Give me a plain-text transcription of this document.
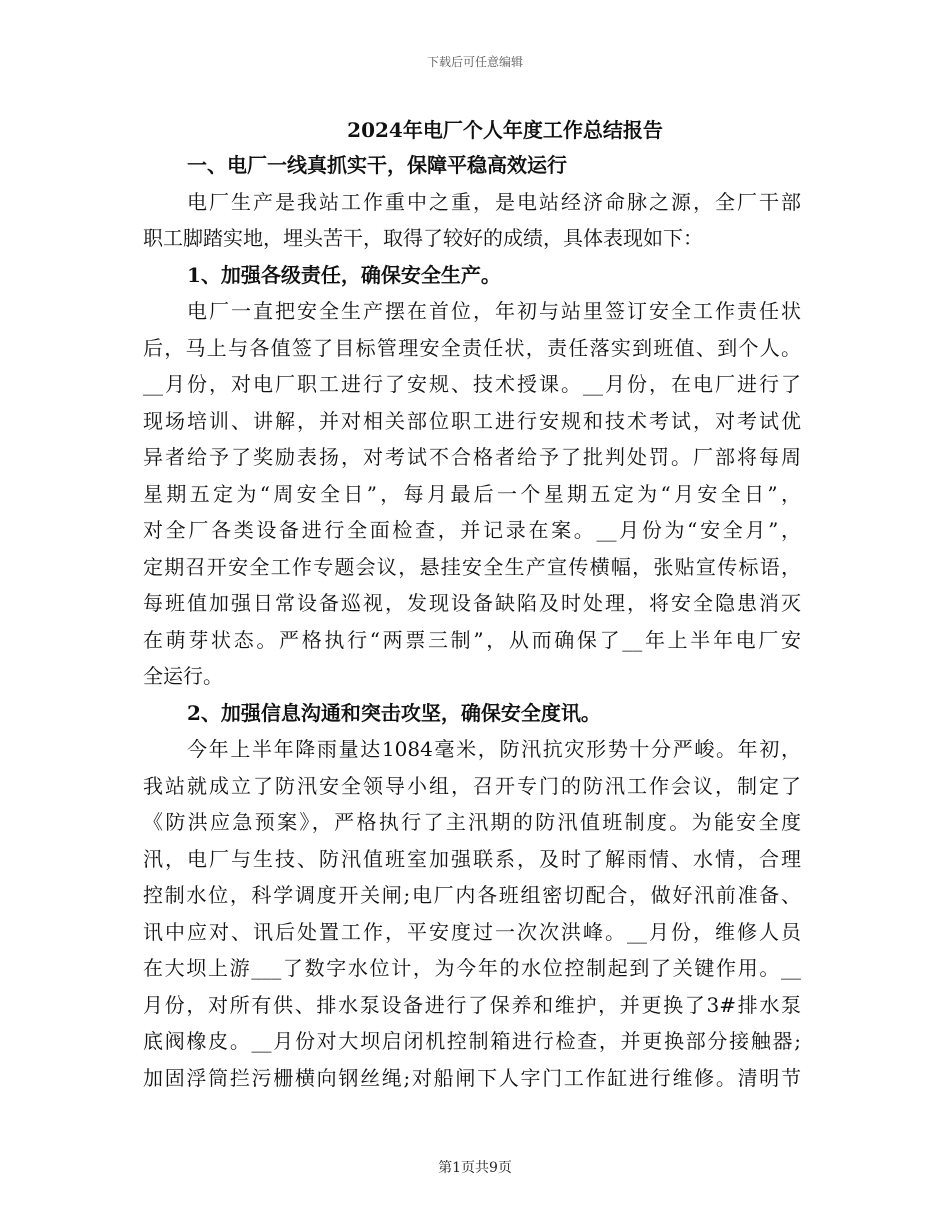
下载后可任意编辑
2024年电厂个人年度工作总结报告
一、电厂一线真抓实干，保障平稳高效运行
电厂生产是我站工作重中之重，是电站经济命脉之源，全厂干部
职工脚踏实地，埋头苦干，取得了较好的成绩，具体表现如下：
1、加强各级责任，确保安全生产。
电厂一直把安全生产摆在首位，年初与站里签订安全工作责任状
后，马上与各值签了目标管理安全责任状，责任落实到班值、到个人。
__月份，对电厂职工进行了安规、技术授课。__月份，在电厂进行了
现场培训、讲解，并对相关部位职工进行安规和技术考试，对考试优
异者给予了奖励表扬，对考试不合格者给予了批判处罚。厂部将每周
星期五定为“周安全日”，每月最后一个星期五定为“月安全日”，
对全厂各类设备进行全面检查，并记录在案。__月份为“安全月”，
定期召开安全工作专题会议，悬挂安全生产宣传横幅，张贴宣传标语，
每班值加强日常设备巡视，发现设备缺陷及时处理，将安全隐患消灭
在萌芽状态。严格执行“两票三制”，从而确保了__年上半年电厂安
全运行。
2、加强信息沟通和突击攻坚，确保安全度讯。
今年上半年降雨量达1084毫米，防汛抗灾形势十分严峻。年初，
我站就成立了防汛安全领导小组，召开专门的防汛工作会议，制定了
《防洪应急预案》，严格执行了主汛期的防汛值班制度。为能安全度
汛，电厂与生技、防汛值班室加强联系，及时了解雨情、水情，合理
控制水位，科学调度开关闸;电厂内各班组密切配合，做好汛前准备、
讯中应对、讯后处置工作，平安度过一次次洪峰。__月份，维修人员
在大坝上游___了数字水位计，为今年的水位控制起到了关键作用。__
月份，对所有供、排水泵设备进行了保养和维护，并更换了3#排水泵
底阀橡皮。__月份对大坝启闭机控制箱进行检查，并更换部分接触器;
加固浮筒拦污栅横向钢丝绳;对船闸下人字门工作缸进行维修。清明节
第1页共9页
